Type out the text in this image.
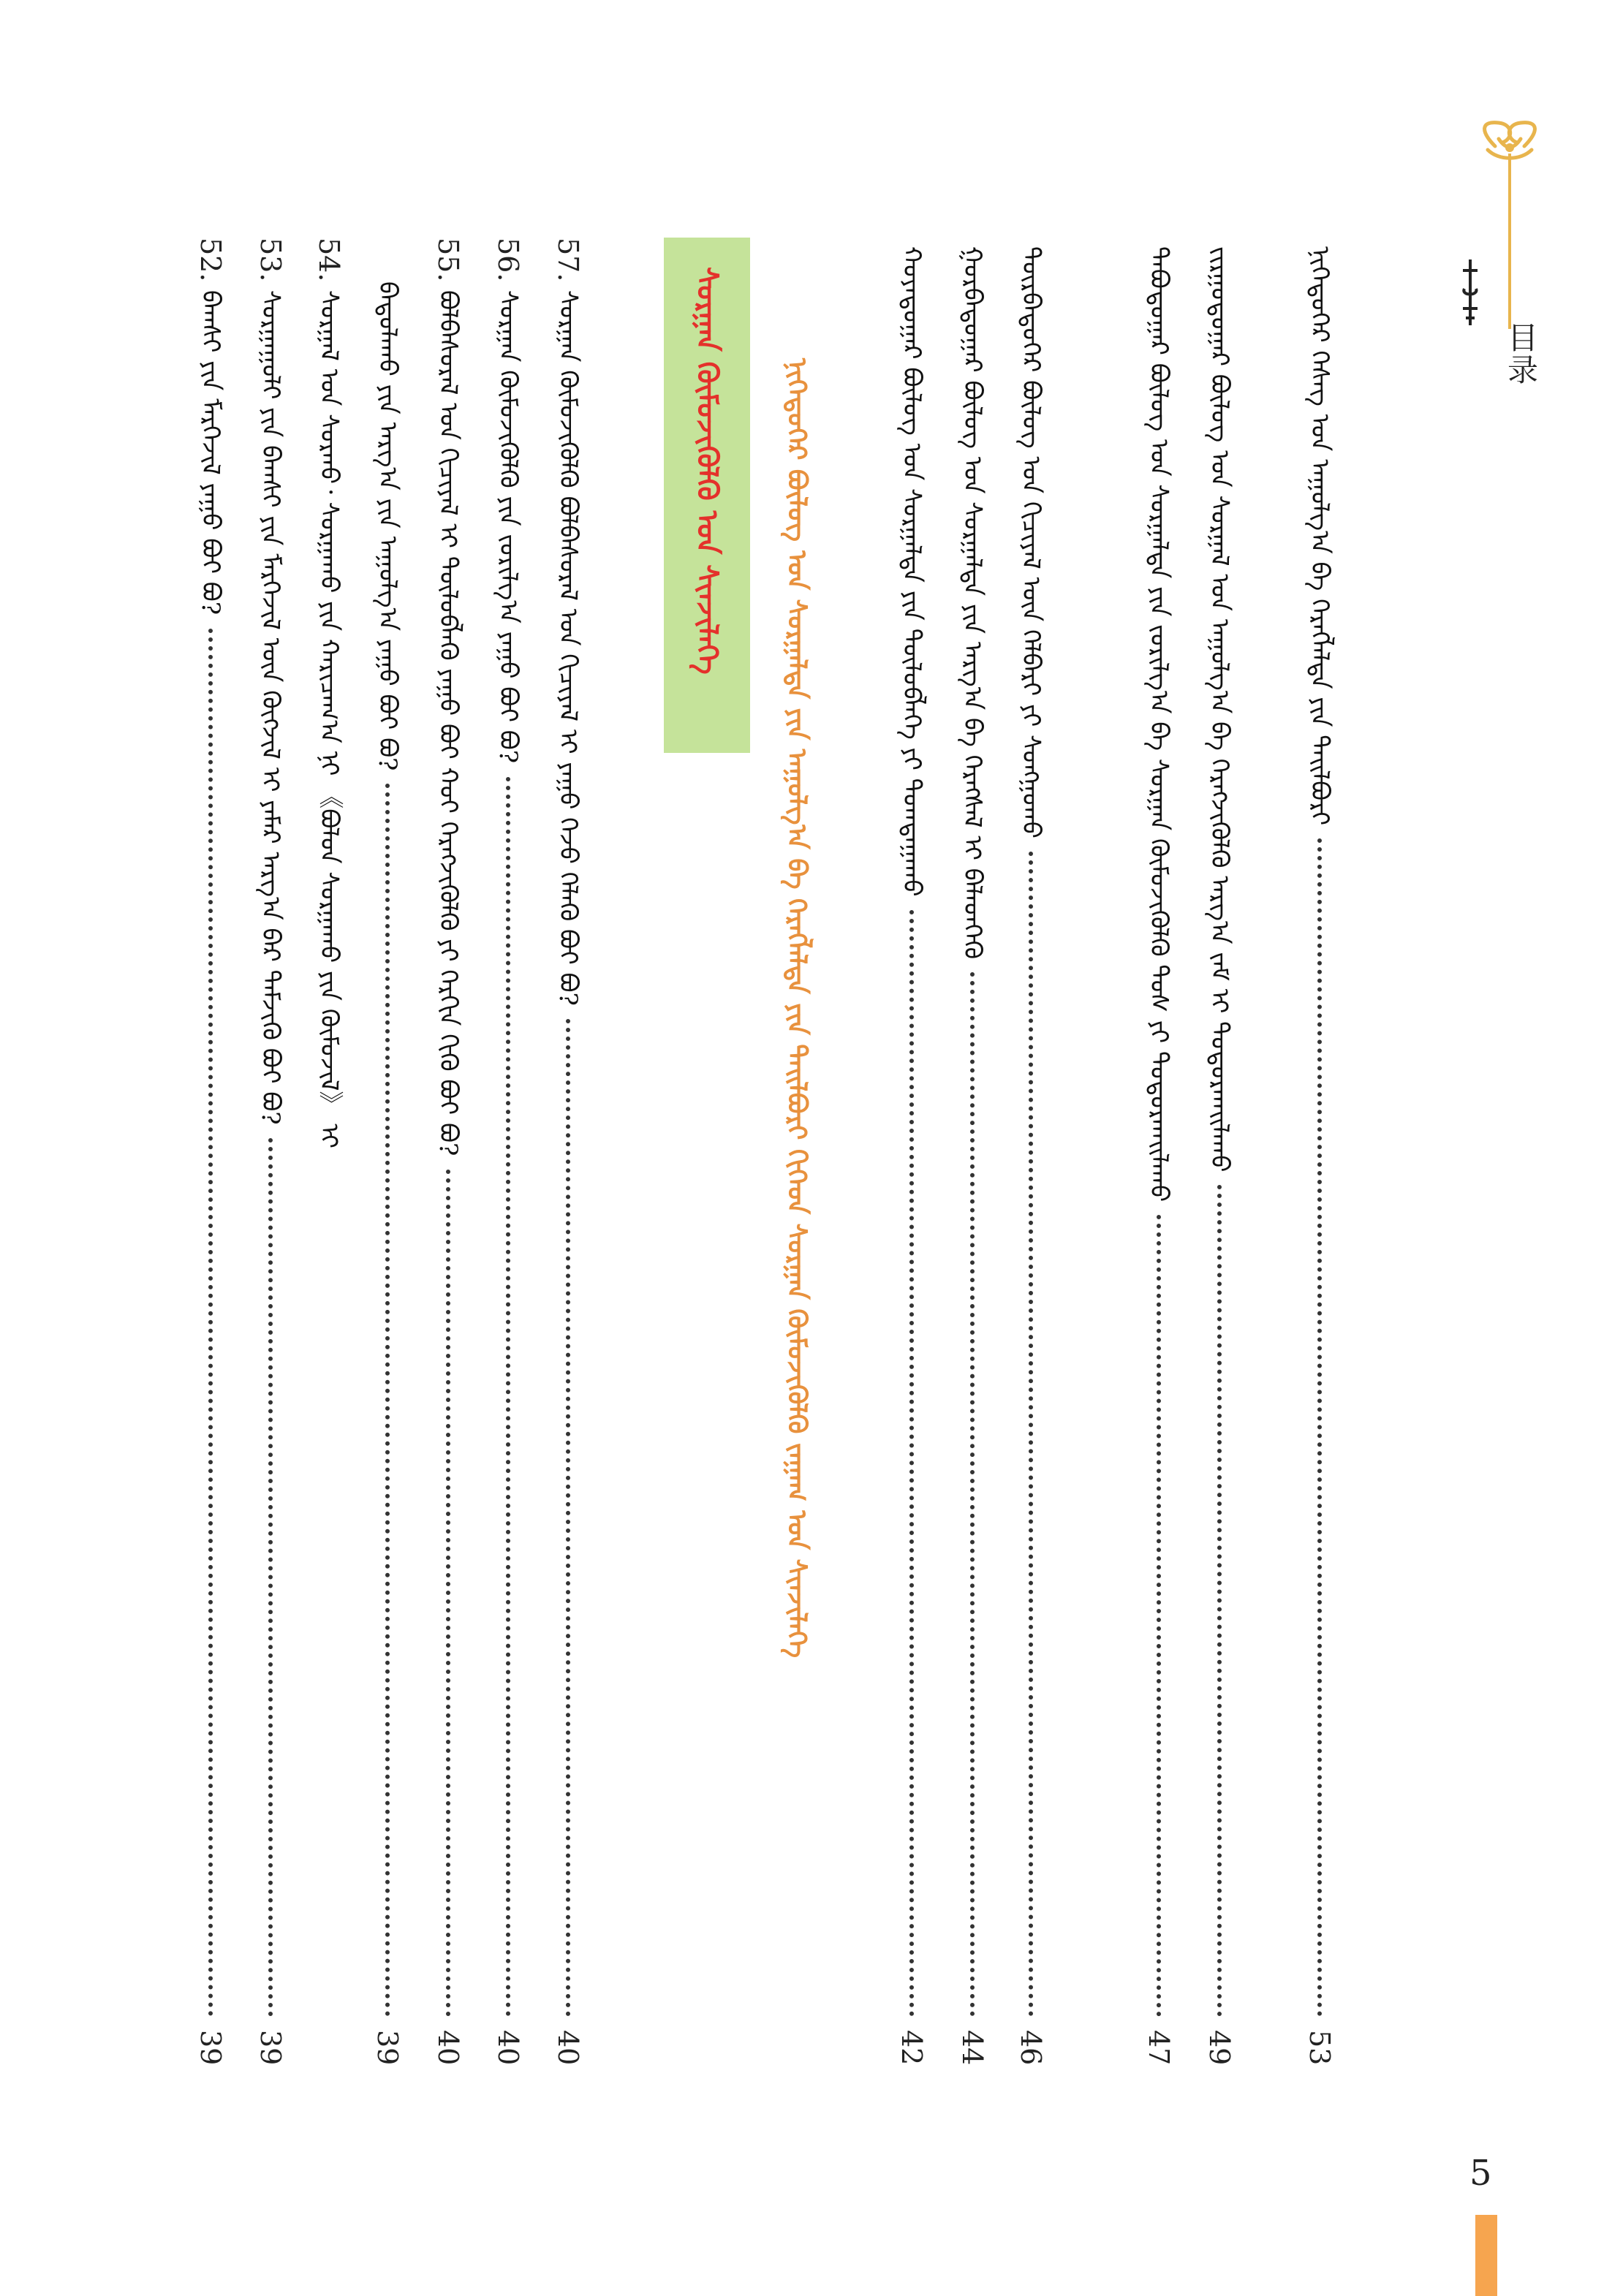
目录
ᠨᠢᠭᠡᠳᠦᠭᠡᠷ ᠬᠡᠰᠡᠭ ᠤᠨ ᠠᠭᠤᠯᠭ᠎ᠠ ᠪᠠ ᠬᠡᠷᠡᠭᠯᠡᠯᠲᠡ ᠶᠢᠨ ᠲᠠᠢᠯᠪᠤᠷᠢ
53
ᠵᠢᠷᠭᠤᠳᠤᠭᠠᠷ ᠪᠦᠯᠦᠭ ᠤᠨ ᠰᠤᠷᠭᠠᠯ ᠤᠨ ᠠᠭᠤᠯᠭ᠎ᠠ ᠪᠠ ᠬᠡᠷᠡᠭᠵᠢᠭᠦᠯᠬᠦ ᠠᠷᠭ᠎ᠠ ᠵᠠᠮ ᠢ ᠲᠤᠳᠤᠷᠬᠠᠢᠯᠠᠬᠤ
49
ᠲᠠᠪᠤᠳᠤᠭᠠᠷ ᠪᠦᠯᠦᠭ ᠤᠨ ᠰᠤᠷᠭᠠᠯᠲᠠ ᠶᠢᠨ ᠵᠣᠷᠢᠯᠭ᠎ᠠ ᠪᠠ ᠰᠤᠷᠭᠠᠨ ᠬᠦᠮᠦᠵᠢᠭᠦᠯᠬᠦ ᠲᠤᠰ ᠶᠢ ᠲᠣᠳᠤᠷᠬᠠᠢᠯᠠᠬᠤ
47
ᠳᠥᠷᠪᠡᠳᠦᠭᠡᠷ ᠪᠦᠯᠦᠭ ᠤᠨ ᠬᠢᠴᠢᠶᠡᠯ ᠦᠨ ᠬᠡᠯᠪᠡᠷᠢ ᠶᠢ ᠰᠣᠩᠭᠤᠬᠤ
46
ᠭᠤᠷᠪᠠᠳᠤᠭᠠᠷ ᠪᠦᠯᠦᠭ ᠤᠨ ᠰᠤᠷᠭᠠᠯᠲᠠ ᠶᠢᠨ ᠠᠷᠭ᠎ᠠ ᠪᠠ ᠬᠡᠷᠡᠭᠰᠡᠯ ᠢ ᠪᠡᠯᠡᠳᠬᠡᠬᠦ
44
ᠬᠣᠶᠠᠳᠤᠭᠠᠷ ᠪᠦᠯᠦᠭ ᠤᠨ ᠰᠤᠷᠭᠠᠯᠲᠠ ᠶᠢᠨ ᠲᠥᠯᠦᠪᠯᠡᠭᠡ ᠶᠢ ᠲᠣᠭᠲᠠᠭᠠᠬᠤ
42
ᠨᠢᠭᠡᠳᠦᠭᠡᠷ ᠪᠦᠯᠦᠭ ᠤᠨ ᠰᠤᠷᠭᠠᠯᠲᠠ ᠶᠢᠨ ᠠᠭᠤᠯᠭ᠎ᠠ ᠪᠠ ᠬᠡᠷᠡᠭᠯᠡᠯᠲᠡ ᠶᠢᠨ ᠲᠠᠢᠯᠪᠤᠷᠢ ᠬᠢᠭᠡᠳ ᠰᠤᠷᠭᠠᠨ ᠬᠦᠮᠦᠵᠢᠭᠦᠯᠬᠦ ᠵᠠᠭᠠᠭ ᠤᠨ ᠰᠢᠨᠵᠢᠯᠡᠭᠡ
ᠰᠤᠷᠭᠠᠨ ᠬᠦᠮᠦᠵᠢᠭᠦᠯᠬᠦ ᠤᠨ ᠰᠢᠨᠵᠢᠯᠡᠭᠡ
57.
ᠰᠤᠷᠭᠠᠨ ᠬᠦᠮᠦᠵᠢᠭᠦᠯᠬᠦ ᠪᠣᠯᠪᠠᠰᠤᠷᠠᠯ ᠤᠨ ᠬᠢᠴᠢᠶᠡᠯ ᠢ ᠶᠠᠭᠤ ᠭᠡᠵᠦ ᠬᠡᠯᠡᠬᠦ ᠪᠤᠢ ᠪᠤ?
40
56.
ᠰᠤᠷᠭᠠᠨ ᠬᠦᠮᠦᠵᠢᠭᠦᠯᠬᠦ ᠶᠢᠨ ᠵᠣᠷᠢᠯᠭ᠎ᠠ ᠶᠠᠭᠤ ᠪᠤᠢ ᠪᠤ?
40
55.
ᠪᠣᠯᠪᠠᠰᠤᠷᠠᠯ ᠤᠨ ᠬᠢᠴᠢᠶᠡᠯ ᠢ ᠲᠥᠯᠦᠪᠯᠡᠬᠦ ᠶᠠᠭᠤ ᠪᠣᠢ ᠬᠣᠢ ᠬᠡᠷᠡᠭᠵᠢᠭᠦᠯᠬᠦ ᠶᠢ ᠬᠡᠷᠬᠢᠨ ᠬᠢᠬᠦ ᠪᠤᠢ ᠪᠤ?
40
ᠪᠠᠲᠤᠯᠠᠬᠤ ᠶᠢᠨ ᠠᠷᠭ᠎ᠠ ᠶᠢᠨ ᠠᠭᠤᠯᠭ᠎ᠠ ᠶᠠᠭᠤ ᠪᠤᠢ ᠪᠤ?
39
54.
ᠰᠤᠷᠭᠠᠯ ᠤᠨ ᠰᠤᠷᠬᠤ᠂ ᠰᠤᠷᠭᠠᠬᠤ ᠶᠢᠨ ᠬᠠᠷᠢᠴᠠᠭ᠎ᠠ ᠨᠢ 《ᠪᠤᠯᠤᠨ ᠰᠤᠷᠭᠠᠬᠤ ᠶᠢᠨ ᠬᠦᠮᠦᠵᠢᠯ》 ᠢ
53.
ᠰᠤᠷᠭᠠᠭᠤᠯᠢ ᠶᠢᠨ ᠪᠠᠭᠰᠢ ᠶᠢᠨ ᠮᠡᠷᠭᠡᠵᠢᠯ ᠦᠨ ᠬᠥᠭᠵᠢᠯ ᠢ ᠶᠠᠮᠠᠷ ᠠᠷᠭ᠎ᠠ ᠪᠠᠷ ᠳᠡᠮᠵᠢᠬᠦ ᠪᠤᠢ ᠪᠤ?
39
52.
ᠪᠠᠭᠰᠢ ᠶᠢᠨ ᠮᠡᠷᠭᠡᠵᠢᠯ ᠶᠠᠭᠤ ᠪᠤᠢ ᠪᠤ?
39
5
